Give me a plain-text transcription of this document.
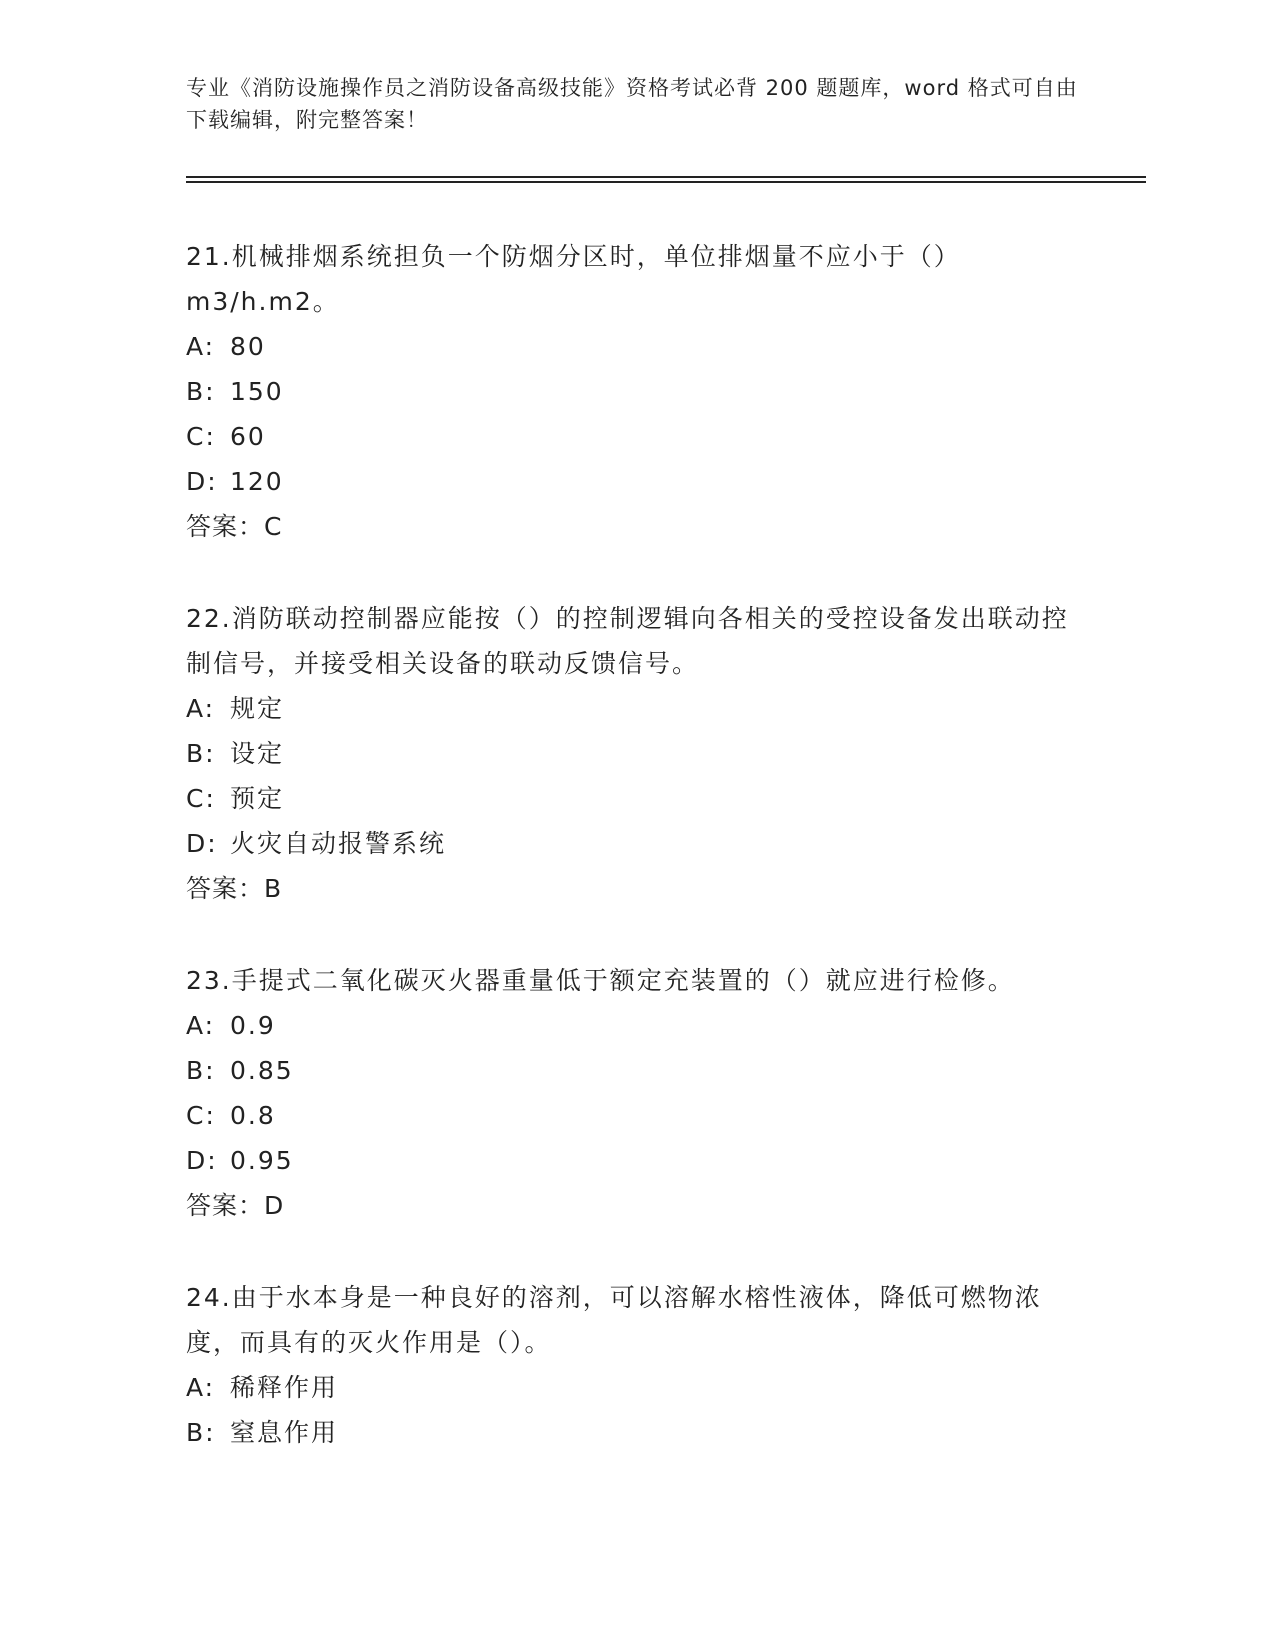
专业《消防设施操作员之消防设备高级技能》资格考试必背 200 题题库，word 格式可自由下载编辑，附完整答案！

21.机械排烟系统担负一个防烟分区时，单位排烟量不应小于（）m3/h.m2。

A: 80

B: 150

C: 60

D: 120

答案：C

22.消防联动控制器应能按（）的控制逻辑向各相关的受控设备发出联动控制信号，并接受相关设备的联动反馈信号。

A: 规定

B: 设定

C: 预定

D: 火灾自动报警系统

答案：B

23.手提式二氧化碳灭火器重量低于额定充装置的（）就应进行检修。

A: 0.9

B: 0.85

C: 0.8

D: 0.95

答案：D

24.由于水本身是一种良好的溶剂，可以溶解水榕性液体，降低可燃物浓度，而具有的灭火作用是（）。

A: 稀释作用

B: 窒息作用
